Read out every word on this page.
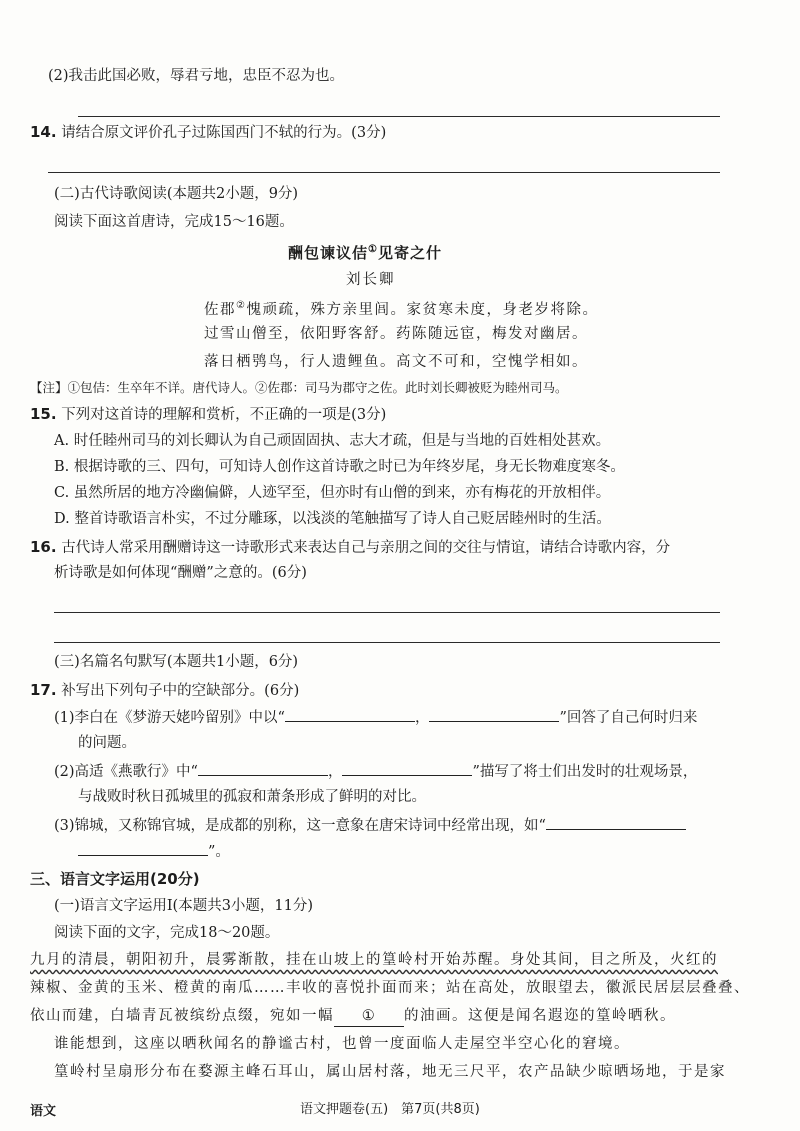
(2)我击此国必败，辱君亏地，忠臣不忍为也。
14. 请结合原文评价孔子过陈国西门不轼的行为。(3分)
(二)古代诗歌阅读(本题共2小题，9分)
阅读下面这首唐诗，完成15～16题。
酬包谏议佶①见寄之什
刘长卿
佐郡②愧顽疏，殊方亲里闾。家贫寒未度，身老岁将除。
过雪山僧至，依阳野客舒。药陈随远宦，梅发对幽居。
落日栖鸮鸟，行人遗鲤鱼。高文不可和，空愧学相如。
【注】①包佶：生卒年不详。唐代诗人。②佐郡：司马为郡守之佐。此时刘长卿被贬为睦州司马。
15. 下列对这首诗的理解和赏析，不正确的一项是(3分)
A. 时任睦州司马的刘长卿认为自己顽固固执、志大才疏，但是与当地的百姓相处甚欢。
B. 根据诗歌的三、四句，可知诗人创作这首诗歌之时已为年终岁尾，身无长物难度寒冬。
C. 虽然所居的地方冷幽偏僻，人迹罕至，但亦时有山僧的到来，亦有梅花的开放相伴。
D. 整首诗歌语言朴实，不过分雕琢，以浅淡的笔触描写了诗人自己贬居睦州时的生活。
16. 古代诗人常采用酬赠诗这一诗歌形式来表达自己与亲朋之间的交往与情谊，请结合诗歌内容，分
析诗歌是如何体现“酬赠”之意的。(6分)
(三)名篇名句默写(本题共1小题，6分)
17. 补写出下列句子中的空缺部分。(6分)
(1)李白在《梦游天姥吟留别》中以“	，	”回答了自己何时归来
的问题。
(2)高适《燕歌行》中“	，	”描写了将士们出发时的壮观场景，
与战败时秋日孤城里的孤寂和萧条形成了鲜明的对比。
(3)锦城，又称锦官城，是成都的别称，这一意象在唐宋诗词中经常出现，如“
”。
三、语言文字运用(20分)
(一)语言文字运用Ⅰ(本题共3小题，11分)
阅读下面的文字，完成18～20题。
九月的清晨，朝阳初升，晨雾渐散，挂在山坡上的篁岭村开始苏醒。身处其间，目之所及，火红的
辣椒、金黄的玉米、橙黄的南瓜……丰收的喜悦扑面而来；站在高处，放眼望去，徽派民居层层叠叠、
依山而建，白墙青瓦被缤纷点缀，宛如一幅 ① 的油画。这便是闻名遐迩的篁岭晒秋。
谁能想到，这座以晒秋闻名的静谧古村，也曾一度面临人走屋空半空心化的窘境。
篁岭村呈扇形分布在婺源主峰石耳山，属山居村落，地无三尺平，农产品缺少晾晒场地，于是家
语文	语文押题卷(五)　第7页(共8页)
